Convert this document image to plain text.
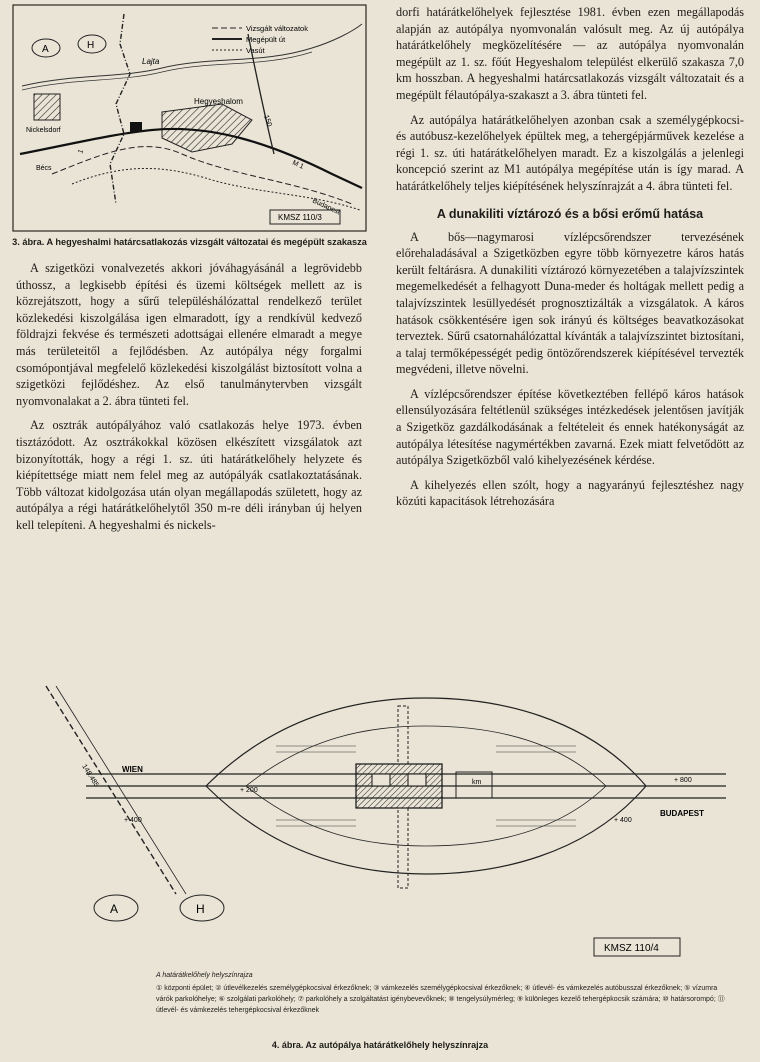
Vizsgált változatok
Megépült út
Vasút
A	H
Lajta
Nickelsdorf
Hegyeshalom
150
1
M 1
Bécs
Budapest
KMSZ 110/3
3. ábra. A hegyeshalmi határcsatlakozás vizsgált változatai és megépült szakasza

A szigetközi vonalvezetés akkori jóváhagyásánál a legrövidebb úthossz, a legkisebb építési és üzemi költségek mellett az is közrejátszott, hogy a sűrű településhálózattal rendelkező terület közlekedési kiszolgálása igen elmaradott, így a rendkívül kedvező földrajzi fekvése és természeti adottságai ellenére elmaradt a megye más területeitől a fejlődésben. Az autópálya négy forgalmi csomópontjával megfelelő közlekedési kiszolgálást biztosított volna a szigetközi fejlődéshez. Az első tanulmánytervben vizsgált nyomvonalakat a 2. ábra tünteti fel.

Az osztrák autópályához való csatlakozás helye 1973. évben tisztázódott. Az osztrákokkal közösen elkészített vizsgálatok azt bizonyították, hogy a régi 1. sz. úti határátkelőhely helyzete és kiépítettsége miatt nem felel meg az autópályák csatlakoztatásának. Több változat kidolgozása után olyan megállapodás született, hogy az autópálya a régi határátkelőhelytől 350 m-re déli irányban új helyen kell telepíteni. A hegyeshalmi és nickels-

dorfi határátkelőhelyek fejlesztése 1981. évben ezen megállapodás alapján az autópálya nyomvonalán valósult meg. Az új autópálya határátkelőhely megközelítésére — az autópálya nyomvonalán megépült az 1. sz. főút Hegyeshalom települést elkerülő szakasza 7,0 km hosszban. A hegyeshalmi határcsatlakozás vizsgált változatait és a megépült félautópálya-szakaszt a 3. ábra tünteti fel.

Az autópálya határátkelőhelyen azonban csak a személygépkocsi- és autóbusz-kezelőhelyek épültek meg, a tehergépjárművek kezelése a régi 1. sz. úti határátkelőhelyen maradt. Ez a kiszolgálás a jelenlegi koncepció szerint az M1 autópálya megépítése után is így marad. A határátkelőhely teljes kiépítésének helyszínrajzát a 4. ábra tünteti fel.

A dunakiliti víztározó és a bősi erőmű hatása

A bős—nagymarosi vízlépcsőrendszer tervezésének előrehaladásával a Szigetközben egyre több környezetre káros hatás került feltárásra. A dunakiliti víztározó környezetében a talajvízszintek megemelkedését a felhagyott Duna-meder és holtágak mellett pedig a talajvízszintek lesüllyedését prognosztizálták a vizsgálatok. A káros hatások csökkentésére igen sok irányú és költséges beavatkozásokat terveztek. Sűrű csatornahálózattal kívánták a talajvízszintet biztosítani, a talaj termőképességét pedig öntözőrendszerek kiépítésével tervezték megvédeni, illetve növelni.

A vízlépcsőrendszer építése következtében fellépő káros hatások ellensúlyozására feltétlenül szükséges intézkedések jelentősen javítják a Szigetköz gazdálkodásának a feltételeit és ennek hatékonyságát az autópálya létesítése nagymértékben zavarná. Ezek miatt felvetődött az autópálya Szigetközből való kihelyezésének kérdése.

A kihelyezés ellen szólt, hogy a nagyarányú fejlesztéshez nagy közúti kapacitások létrehozására

148.485	km
WIEN
BUDAPEST
+ 200
+ 400
+ 800
+ 400
A	H
KMSZ 110/4
A határátkelőhely helyszínrajza
① központi épület; ② útlevélkezelés személygépkocsival érkezőknek; ③ vámkezelés személygépkocsival érkezőknek; ④ útlevél- és vámkezelés autóbusszal érkezőknek; ⑤ vízumra várók parkolóhelye; ⑥ szolgálati parkolóhely; ⑦ parkolóhely a szolgáltatást igénybevevőknek; ⑧ tengelysúlymérleg; ⑨ különleges kezelő tehergépkocsik számára; ⑩ határsorompó; ⑪ útlevél- és vámkezelés tehergépkocsival érkezőknek
4. ábra. Az autópálya határátkelőhely helyszínrajza
